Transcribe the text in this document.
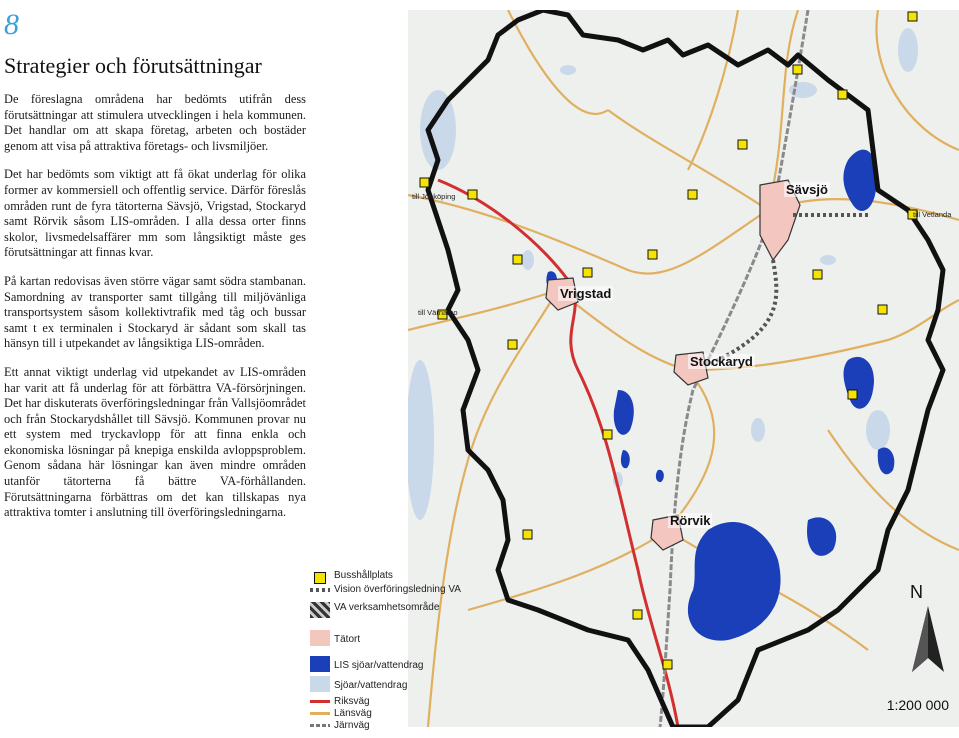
8
Strategier och förutsättningar

De föreslagna områdena har bedömts utifrån dess förutsättningar att stimulera utvecklingen i hela kommunen. Det handlar om att skapa företag, arbeten och bostäder genom att visa på attraktiva företags- och livsmiljöer.

Det har bedömts som viktigt att få ökat underlag för olika former av kommersiell och offentlig service. Därför föreslås områden runt de fyra tätorterna Sävsjö, Vrigstad, Stockaryd samt Rörvik såsom LIS-områden. I alla dessa orter finns skolor, livsmedelsaffärer mm som långsiktigt måste ges förutsättningar att finnas kvar.

På kartan redovisas även större vägar samt södra stambanan. Samordning av transporter samt tillgång till miljövänliga transportsystem såsom kollektivtrafik med tåg och bussar samt t ex terminalen i Stockaryd är sådant som skall tas hänsyn till i utpekandet av långsiktiga LIS-områden.

Ett annat viktigt underlag vid utpekandet av LIS-områden har varit att få underlag för att förbättra VA-försörjningen. Det har diskuterats överföringsledningar från Vallsjöområdet och från Stockarydshållet till Sävsjö. Kommunen provar nu ett system med tryckavlopp för att finna enkla och ekonomiska lösningar på knepiga enskilda avloppsproblem. Genom sådana här lösningar kan även mindre områden utanför tätorterna få bättre VA-förhållanden. Förutsättningarna förbättras om det kan tillskapas nya attraktiva tomter i anslutning till överföringsledningarna.

Sävsjö
Vrigstad
Stockaryd
Rörvik
till Jönköping
till Vetlanda
till Värnamo
Busshållplats
Vision överföringsledning VA
VA verksamhetsområde
Tätort
LIS sjöar/vattendrag
Sjöar/vattendrag
Riksväg
Länsväg
Järnväg
N
1:200 000
